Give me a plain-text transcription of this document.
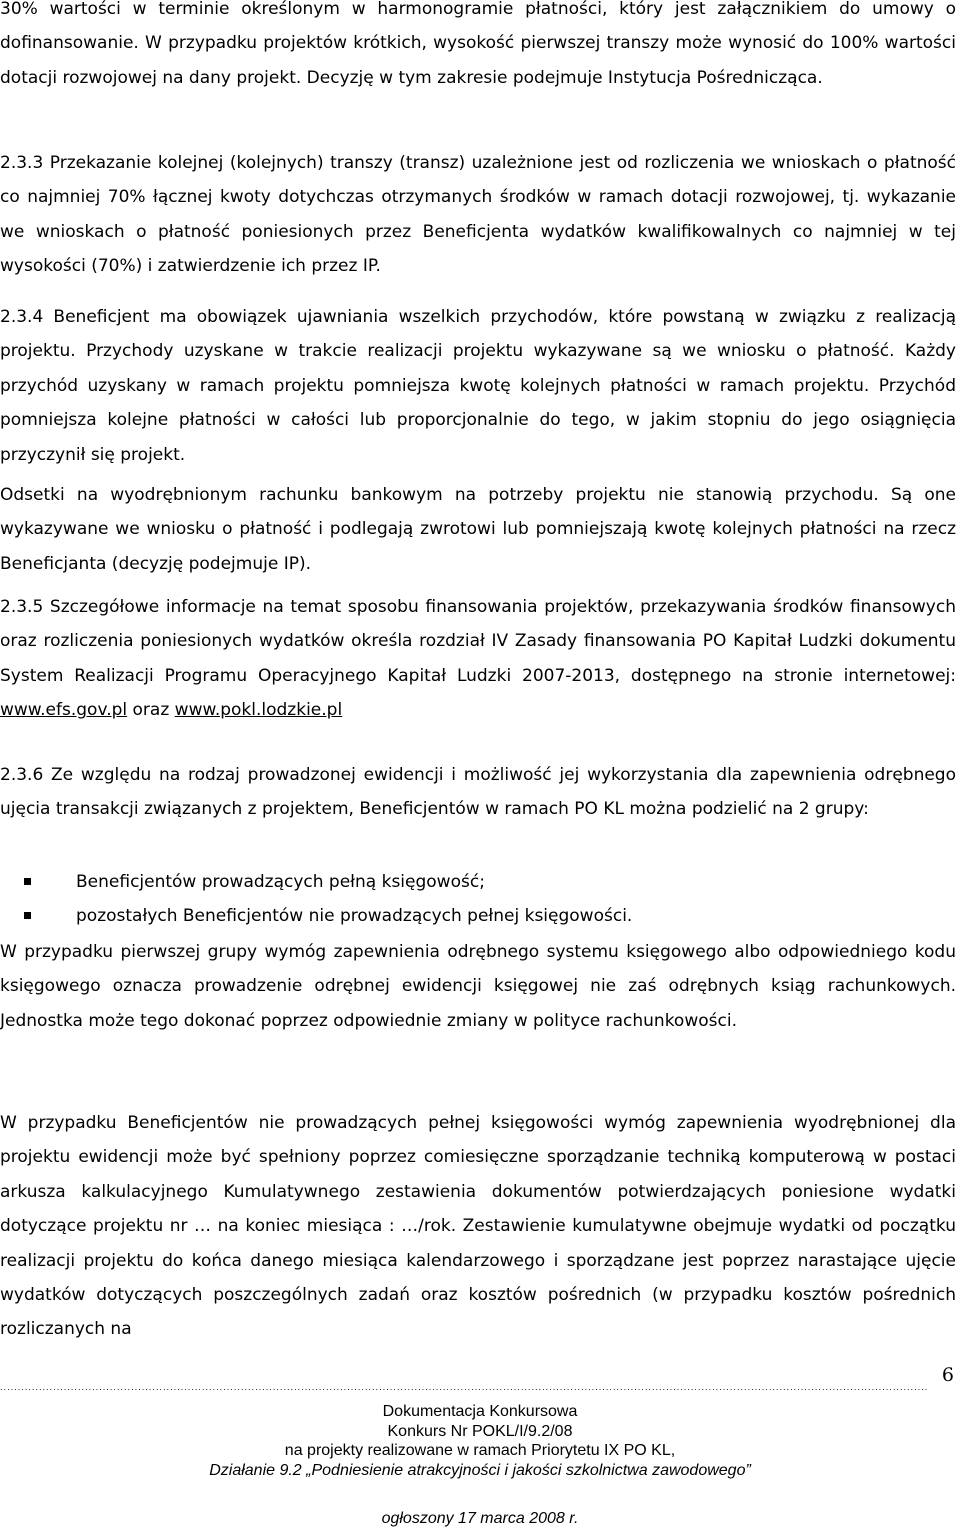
30% wartości w terminie określonym w harmonogramie płatności, który jest załącznikiem do umowy o dofinansowanie. W przypadku projektów krótkich, wysokość pierwszej transzy może wynosić do 100% wartości dotacji rozwojowej na dany projekt. Decyzję w tym zakresie podejmuje Instytucja Pośrednicząca.

2.3.3 Przekazanie kolejnej (kolejnych) transzy (transz) uzależnione jest od rozliczenia we wnioskach o płatność co najmniej 70% łącznej kwoty dotychczas otrzymanych środków w ramach dotacji rozwojowej, tj. wykazanie we wnioskach o płatność poniesionych przez Beneficjenta wydatków kwalifikowalnych co najmniej w tej wysokości (70%) i zatwierdzenie ich przez IP.

2.3.4 Beneficjent ma obowiązek ujawniania wszelkich przychodów, które powstaną w związku z realizacją projektu. Przychody uzyskane w trakcie realizacji projektu wykazywane są we wniosku o płatność. Każdy przychód uzyskany w ramach projektu pomniejsza kwotę kolejnych płatności w ramach projektu. Przychód pomniejsza kolejne płatności w całości lub proporcjonalnie do tego, w jakim stopniu do jego osiągnięcia przyczynił się projekt.

Odsetki na wyodrębnionym rachunku bankowym na potrzeby projektu nie stanowią przychodu. Są one wykazywane we wniosku o płatność i podlegają zwrotowi lub pomniejszają kwotę kolejnych płatności na rzecz Beneficjanta (decyzję podejmuje IP).

2.3.5 Szczegółowe informacje na temat sposobu finansowania projektów, przekazywania środków finansowych oraz rozliczenia poniesionych wydatków określa rozdział IV Zasady finansowania PO Kapitał Ludzki dokumentu System Realizacji Programu Operacyjnego Kapitał Ludzki 2007-2013, dostępnego na stronie internetowej: www.efs.gov.pl oraz www.pokl.lodzkie.pl

2.3.6 Ze względu na rodzaj prowadzonej ewidencji i możliwość jej wykorzystania dla zapewnienia odrębnego ujęcia transakcji związanych z projektem, Beneficjentów w ramach PO KL można podzielić na 2 grupy:

Beneficjentów prowadzących pełną księgowość;
pozostałych Beneficjentów nie prowadzących pełnej księgowości.

W przypadku pierwszej grupy wymóg zapewnienia odrębnego systemu księgowego albo odpowiedniego kodu księgowego oznacza prowadzenie odrębnej ewidencji księgowej nie zaś odrębnych ksiąg rachunkowych. Jednostka może tego dokonać poprzez odpowiednie zmiany w polityce rachunkowości.

W przypadku Beneficjentów nie prowadzących pełnej księgowości wymóg zapewnienia wyodrębnionej dla projektu ewidencji może być spełniony poprzez comiesięczne sporządzanie techniką komputerową w postaci arkusza kalkulacyjnego Kumulatywnego zestawienia dokumentów potwierdzających poniesione wydatki dotyczące projektu nr … na koniec miesiąca : …/rok. Zestawienie kumulatywne obejmuje wydatki od początku realizacji projektu do końca danego miesiąca kalendarzowego i sporządzane jest poprzez narastające ujęcie wydatków dotyczących poszczególnych zadań oraz kosztów pośrednich (w przypadku kosztów pośrednich rozliczanych na

6
......................................................................................................................................................................................................................................................................
Dokumentacja Konkursowa
Konkurs Nr POKL/I/9.2/08
na projekty realizowane w ramach Priorytetu IX PO KL,
Działanie 9.2 „Podniesienie atrakcyjności i jakości szkolnictwa zawodowego”
ogłoszony 17 marca 2008 r.
